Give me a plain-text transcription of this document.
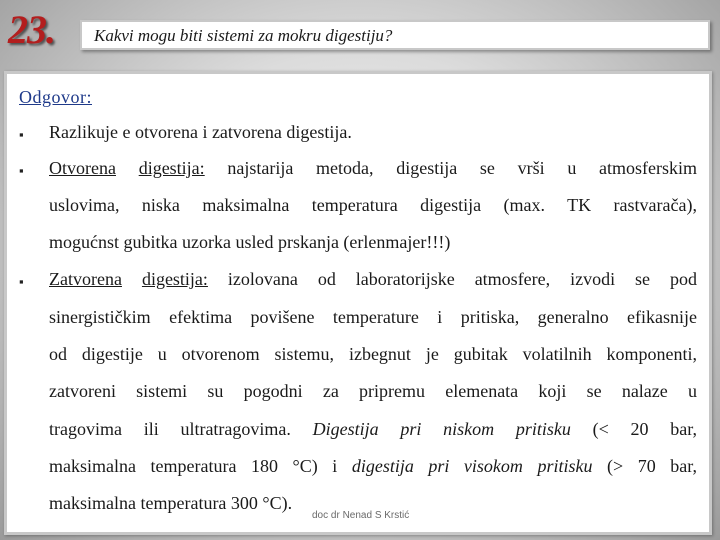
23. Kakvi mogu biti sistemi za mokru digestiju?
Odgovor:
▪	Razlikuje e otvorena i zatvorena digestija.
▪	Otvorena digestija: najstarija metoda, digestija se vrši u atmosferskim
uslovima, niska maksimalna temperatura digestija (max. TK rastvarača),
mogućnst gubitka uzorka usled prskanja (erlenmajer!!!)
▪	Zatvorena digestija: izolovana od laboratorijske atmosfere, izvodi se pod
sinergističkim efektima povišene temperature i pritiska, generalno efikasnije
od digestije u otvorenom sistemu, izbegnut je gubitak volatilnih komponenti,
zatvoreni sistemi su pogodni za pripremu elemenata koji se nalaze u
tragovima ili ultratragovima. Digestija pri niskom pritisku (< 20 bar,
maksimalna temperatura 180 °C) i digestija pri visokom pritisku (> 70 bar,
maksimalna temperatura 300 °C).
doc dr Nenad S Krstić
